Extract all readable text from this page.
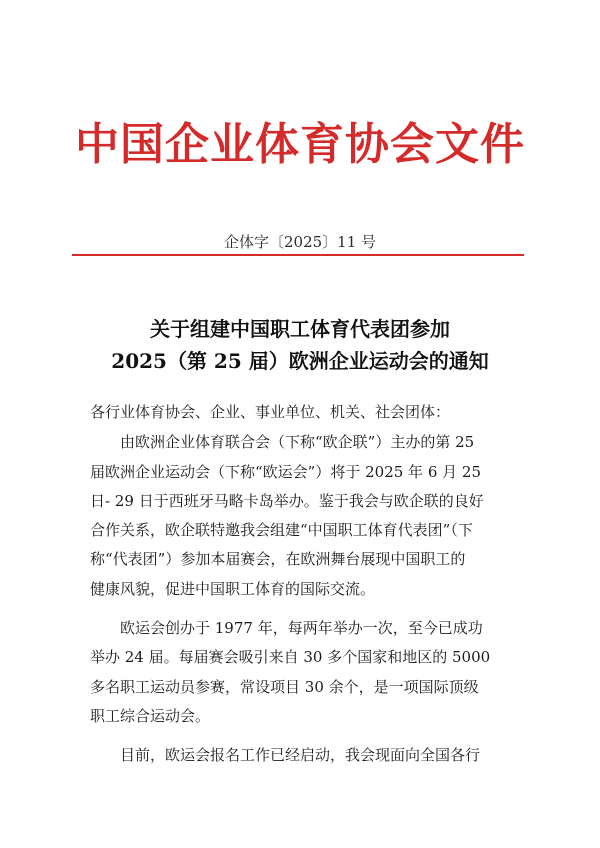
中国企业体育协会文件
企体字〔2025〕11 号
关于组建中国职工体育代表团参加
2025（第 25 届）欧洲企业运动会的通知
各行业体育协会、企业、事业单位、机关、社会团体：
由欧洲企业体育联合会（下称“欧企联”）主办的第 25
届欧洲企业运动会（下称“欧运会”）将于 2025 年 6 月 25
日- 29 日于西班牙马略卡岛举办。鉴于我会与欧企联的良好
合作关系，欧企联特邀我会组建“中国职工体育代表团”（下
称“代表团”）参加本届赛会，在欧洲舞台展现中国职工的
健康风貌，促进中国职工体育的国际交流。
欧运会创办于 1977 年，每两年举办一次，至今已成功
举办 24 届。每届赛会吸引来自 30 多个国家和地区的 5000
多名职工运动员参赛，常设项目 30 余个，是一项国际顶级
职工综合运动会。
目前，欧运会报名工作已经启动，我会现面向全国各行
